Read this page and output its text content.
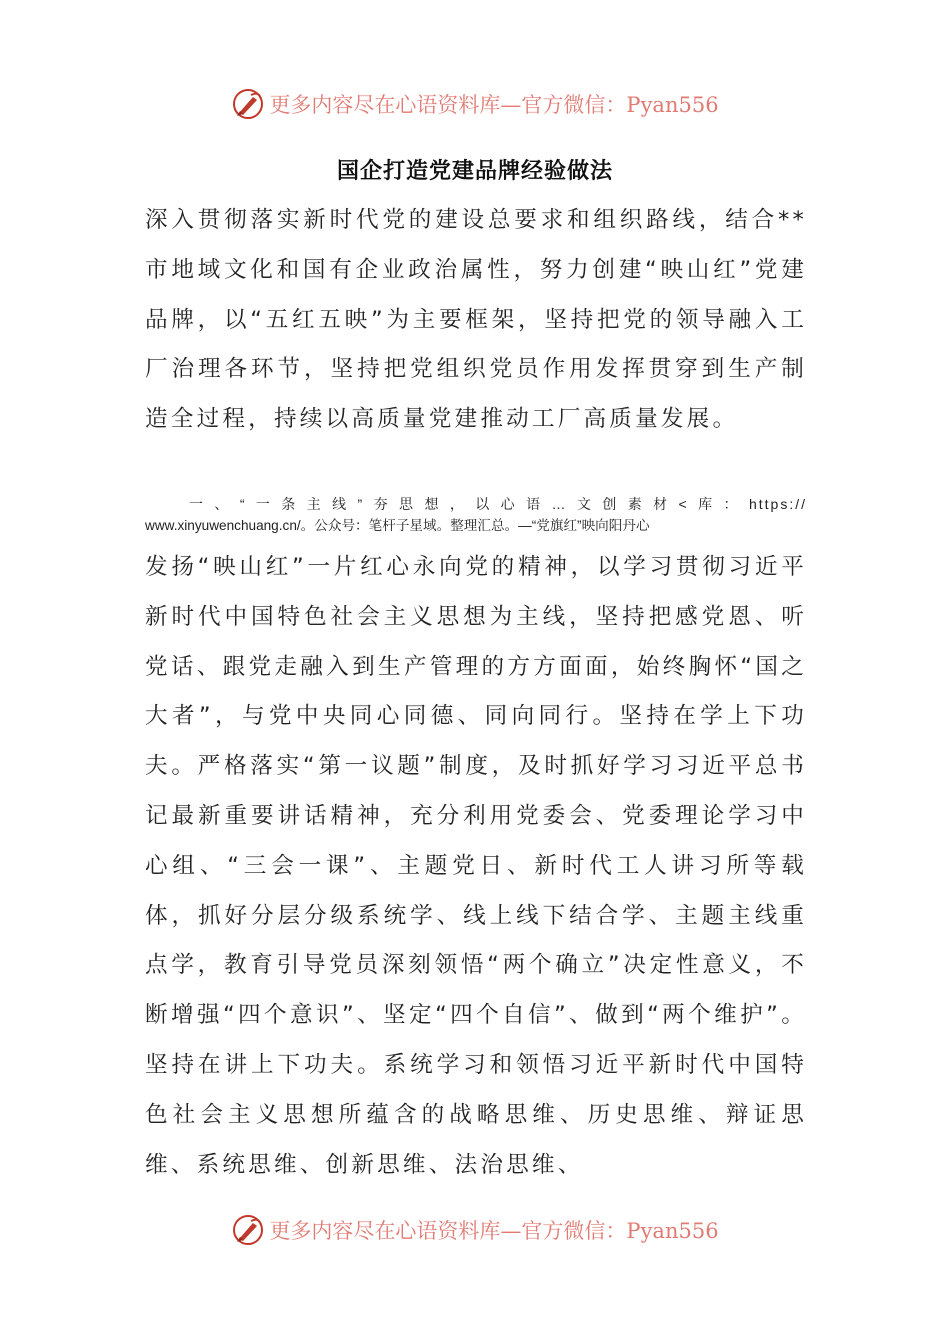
更多内容尽在心语资料库—官方微信：Pyan556
国企打造党建品牌经验做法

深入贯彻落实新时代党的建设总要求和组织路线，结合**市地域文化和国有企业政治属性，努力创建“映山红”党建品牌，以“五红五映”为主要框架，坚持把党的领导融入工厂治理各环节，坚持把党组织党员作用发挥贯穿到生产制造全过程，持续以高质量党建推动工厂高质量发展。

一、“一条主线”夯思想，以心语…文创素材<库：https://
www.xinyuwenchuang.cn/。公众号：笔杆子星域。整理汇总。—“党旗红”映向阳丹心

发扬“映山红”一片红心永向党的精神，以学习贯彻习近平新时代中国特色社会主义思想为主线，坚持把感党恩、听党话、跟党走融入到生产管理的方方面面，始终胸怀“国之大者”，与党中央同心同德、同向同行。坚持在学上下功夫。严格落实“第一议题”制度，及时抓好学习习近平总书记最新重要讲话精神，充分利用党委会、党委理论学习中心组、“三会一课”、主题党日、新时代工人讲习所等载体，抓好分层分级系统学、线上线下结合学、主题主线重点学，教育引导党员深刻领悟“两个确立”决定性意义，不断增强“四个意识”、坚定“四个自信”、做到“两个维护”。坚持在讲上下功夫。系统学习和领悟习近平新时代中国特色社会主义思想所蕴含的战略思维、历史思维、辩证思维、系统思维、创新思维、法治思维、

更多内容尽在心语资料库—官方微信：Pyan556
